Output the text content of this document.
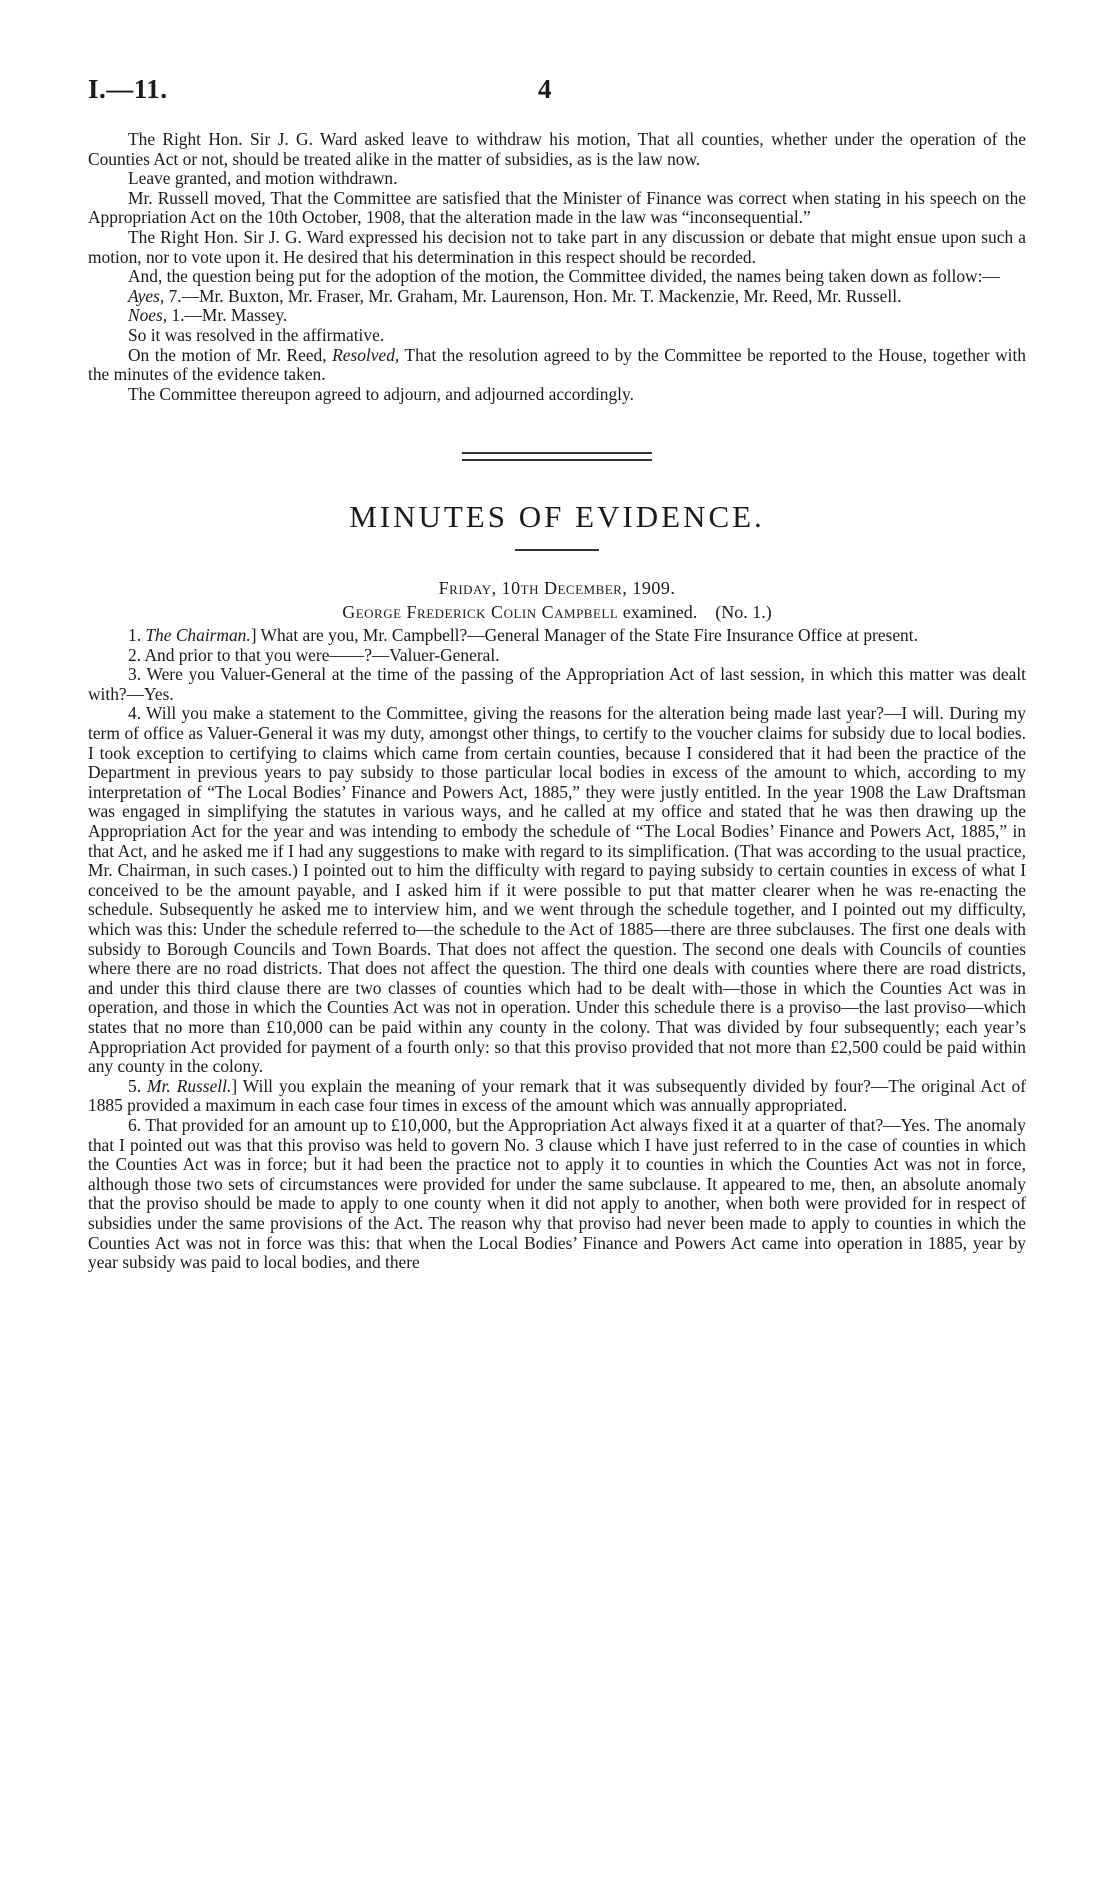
I.—11.	4

The Right Hon. Sir J. G. Ward asked leave to withdraw his motion, That all counties, whether under the operation of the Counties Act or not, should be treated alike in the matter of subsidies, as is the law now.

Leave granted, and motion withdrawn.

Mr. Russell moved, That the Committee are satisfied that the Minister of Finance was correct when stating in his speech on the Appropriation Act on the 10th October, 1908, that the alteration made in the law was “inconsequential.”

The Right Hon. Sir J. G. Ward expressed his decision not to take part in any discussion or debate that might ensue upon such a motion, nor to vote upon it. He desired that his determination in this respect should be recorded.

And, the question being put for the adoption of the motion, the Committee divided, the names being taken down as follow:—

Ayes, 7.—Mr. Buxton, Mr. Fraser, Mr. Graham, Mr. Laurenson, Hon. Mr. T. Mackenzie, Mr. Reed, Mr. Russell.

Noes, 1.—Mr. Massey.

So it was resolved in the affirmative.

On the motion of Mr. Reed, Resolved, That the resolution agreed to by the Committee be reported to the House, together with the minutes of the evidence taken.

The Committee thereupon agreed to adjourn, and adjourned accordingly.

MINUTES OF EVIDENCE.

Friday, 10th December, 1909.

George Frederick Colin Campbell examined.    (No. 1.)

1. The Chairman.] What are you, Mr. Campbell?—General Manager of the State Fire Insurance Office at present.

2. And prior to that you were——?—Valuer-General.

3. Were you Valuer-General at the time of the passing of the Appropriation Act of last session, in which this matter was dealt with?—Yes.

4. Will you make a statement to the Committee, giving the reasons for the alteration being made last year?—I will. During my term of office as Valuer-General it was my duty, amongst other things, to certify to the voucher claims for subsidy due to local bodies. I took exception to certifying to claims which came from certain counties, because I considered that it had been the practice of the Department in previous years to pay subsidy to those particular local bodies in excess of the amount to which, according to my interpretation of “The Local Bodies’ Finance and Powers Act, 1885,” they were justly entitled. In the year 1908 the Law Draftsman was engaged in simplifying the statutes in various ways, and he called at my office and stated that he was then drawing up the Appropriation Act for the year and was intending to embody the schedule of “The Local Bodies’ Finance and Powers Act, 1885,” in that Act, and he asked me if I had any suggestions to make with regard to its simplification. (That was according to the usual practice, Mr. Chairman, in such cases.) I pointed out to him the difficulty with regard to paying subsidy to certain counties in excess of what I conceived to be the amount payable, and I asked him if it were possible to put that matter clearer when he was re-enacting the schedule. Subsequently he asked me to interview him, and we went through the schedule together, and I pointed out my difficulty, which was this: Under the schedule referred to—the schedule to the Act of 1885—there are three subclauses. The first one deals with subsidy to Borough Councils and Town Boards. That does not affect the question. The second one deals with Councils of counties where there are no road districts. That does not affect the question. The third one deals with counties where there are road districts, and under this third clause there are two classes of counties which had to be dealt with—those in which the Counties Act was in operation, and those in which the Counties Act was not in operation. Under this schedule there is a proviso—the last proviso—which states that no more than £10,000 can be paid within any county in the colony. That was divided by four subsequently; each year’s Appropriation Act provided for payment of a fourth only: so that this proviso provided that not more than £2,500 could be paid within any county in the colony.

5. Mr. Russell.] Will you explain the meaning of your remark that it was subsequently divided by four?—The original Act of 1885 provided a maximum in each case four times in excess of the amount which was annually appropriated.

6. That provided for an amount up to £10,000, but the Appropriation Act always fixed it at a quarter of that?—Yes. The anomaly that I pointed out was that this proviso was held to govern No. 3 clause which I have just referred to in the case of counties in which the Counties Act was in force; but it had been the practice not to apply it to counties in which the Counties Act was not in force, although those two sets of circumstances were provided for under the same subclause. It appeared to me, then, an absolute anomaly that the proviso should be made to apply to one county when it did not apply to another, when both were provided for in respect of subsidies under the same provisions of the Act. The reason why that proviso had never been made to apply to counties in which the Counties Act was not in force was this: that when the Local Bodies’ Finance and Powers Act came into operation in 1885, year by year subsidy was paid to local bodies, and there
